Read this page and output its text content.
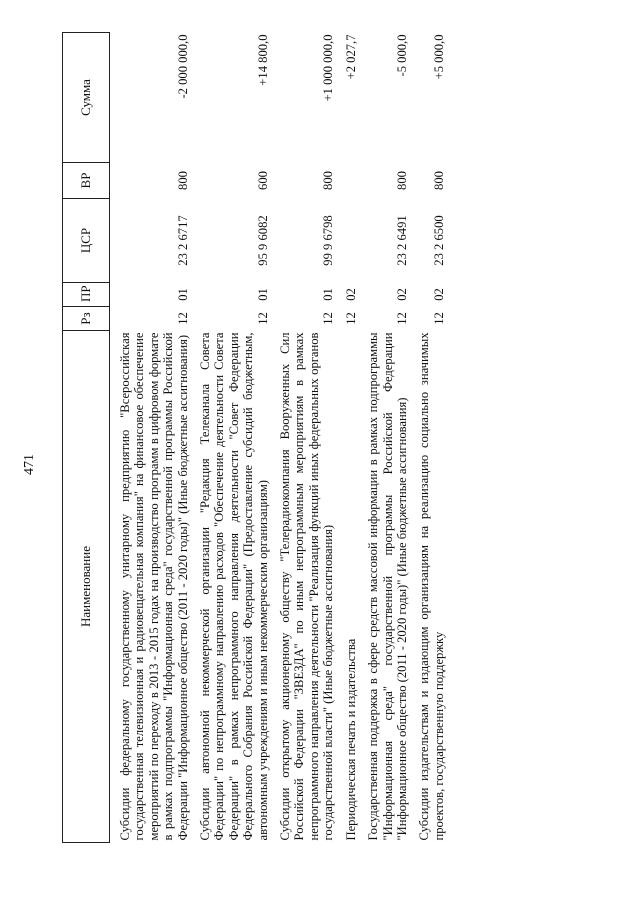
471
Наименование	Рз	ПР	ЦСР	ВР	Сумма

Субсидии федеральному государственному унитарному предприятию "Всероссийская государственная телевизионная и радиовещательная компания" на финансовое обеспечение мероприятий по переходу в 2013 - 2015 годах на производство программ в цифровом формате в рамках подпрограммы "Информационная среда" государственной программы Российской Федерации "Информационное общество (2011 - 2020 годы)" (Иные бюджетные ассигнования)	12	01	23 2 6717	800	-2 000 000,0

Субсидии автономной некоммерческой организации "Редакция Телеканала Совета Федерации" по непрограммному направлению расходов "Обеспечение деятельности Совета Федерации" в рамках непрограммного направления деятельности "Совет Федерации Федерального Собрания Российской Федерации" (Предоставление субсидий бюджетным, автономным учреждениям и иным некоммерческим организациям)	12	01	95 9 6082	600	+14 800,0

Субсидии открытому акционерному обществу "Телерадиокомпания Вооруженных Сил Российской Федерации "ЗВЕЗДА" по иным непрограммным мероприятиям в рамках непрограммного направления деятельности "Реализация функций иных федеральных органов государственной власти" (Иные бюджетные ассигнования)	12	01	99 9 6798	800	+1 000 000,0

Периодическая печать и издательства	12	02			+2 027,7

Государственная поддержка в сфере средств массовой информации в рамках подпрограммы "Информационная среда" государственной программы Российской Федерации "Информационное общество (2011 - 2020 годы)" (Иные бюджетные ассигнования)	12	02	23 2 6491	800	-5 000,0

Субсидии издательствам и издающим организациям на реализацию социально значимых проектов, государственную поддержку	12	02	23 2 6500	800	+5 000,0
